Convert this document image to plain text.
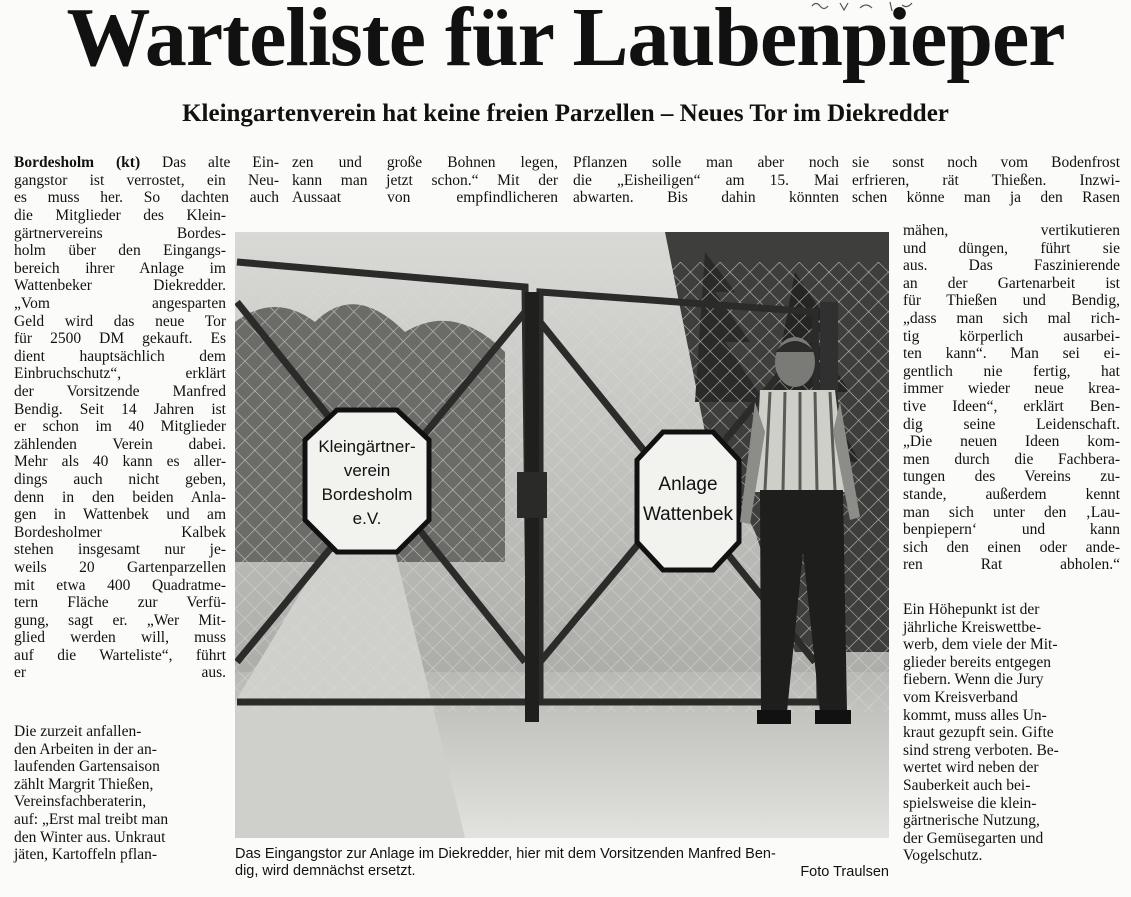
Warteliste für Laubenpieper
Kleingartenverein hat keine freien Parzellen – Neues Tor im Diekredder

Bordesholm (kt) Das alte Ein-
gangstor ist verrostet, ein Neu-
es muss her. So dachten auch

zen und große Bohnen legen,
kann man jetzt schon.“ Mit der
Aussaat von empfindlicheren

Pflanzen solle man aber noch
die „Eisheiligen“ am 15. Mai
abwarten. Bis dahin könnten

sie sonst noch vom Bodenfrost
erfrieren, rät Thießen. Inzwi-
schen könne man ja den Rasen

die Mitglieder des Klein-
gärtnervereins Bordes-
holm über den Eingangs-
bereich ihrer Anlage im
Wattenbeker Diekredder.

„Vom angesparten
Geld wird das neue Tor
für 2500 DM gekauft. Es
dient hauptsächlich dem
Einbruchschutz“, erklärt
der Vorsitzende Manfred
Bendig. Seit 14 Jahren ist
er schon im 40 Mitglieder
zählenden Verein dabei.
Mehr als 40 kann es aller-
dings auch nicht geben,
denn in den beiden Anla-
gen in Wattenbek und am
Bordesholmer Kalbek
stehen insgesamt nur je-
weils 20 Gartenparzellen
mit etwa 400 Quadratme-
tern Fläche zur Verfü-
gung, sagt er. „Wer Mit-
glied werden will, muss
auf die Warteliste“, führt
er aus.

Die zurzeit anfallen-
den Arbeiten in der an-
laufenden Gartensaison
zählt Margrit Thießen,
Vereinsfachberaterin,
auf: „Erst mal treibt man
den Winter aus. Unkraut
jäten, Kartoffeln pflan-

mähen, vertikutieren
und düngen, führt sie
aus. Das Faszinierende
an der Gartenarbeit ist
für Thießen und Bendig,
„dass man sich mal rich-
tig körperlich ausarbei-
ten kann“. Man sei ei-
gentlich nie fertig, hat
immer wieder neue krea-
tive Ideen“, erklärt Ben-
dig seine Leidenschaft.
„Die neuen Ideen kom-
men durch die Fachbera-
tungen des Vereins zu-
stande, außerdem kennt
man sich unter den ‚Lau-
benpiepern‘ und kann
sich den einen oder ande-
ren Rat abholen.“

Ein Höhepunkt ist der
jährliche Kreiswettbe-
werb, dem viele der Mit-
glieder bereits entgegen
fiebern. Wenn die Jury
vom Kreisverband
kommt, muss alles Un-
kraut gezupft sein. Gifte
sind streng verboten. Be-
wertet wird neben der
Sauberkeit auch bei-
spielsweise die klein-
gärtnerische Nutzung,
der Gemüsegarten und
Vogelschutz.

Kleingärtner-
verein
Bordesholm
e.V.
Anlage
Wattenbek

Das Eingangstor zur Anlage im Diekredder, hier mit dem Vorsitzenden Manfred Ben-
dig, wird demnächst ersetzt.	Foto Traulsen
